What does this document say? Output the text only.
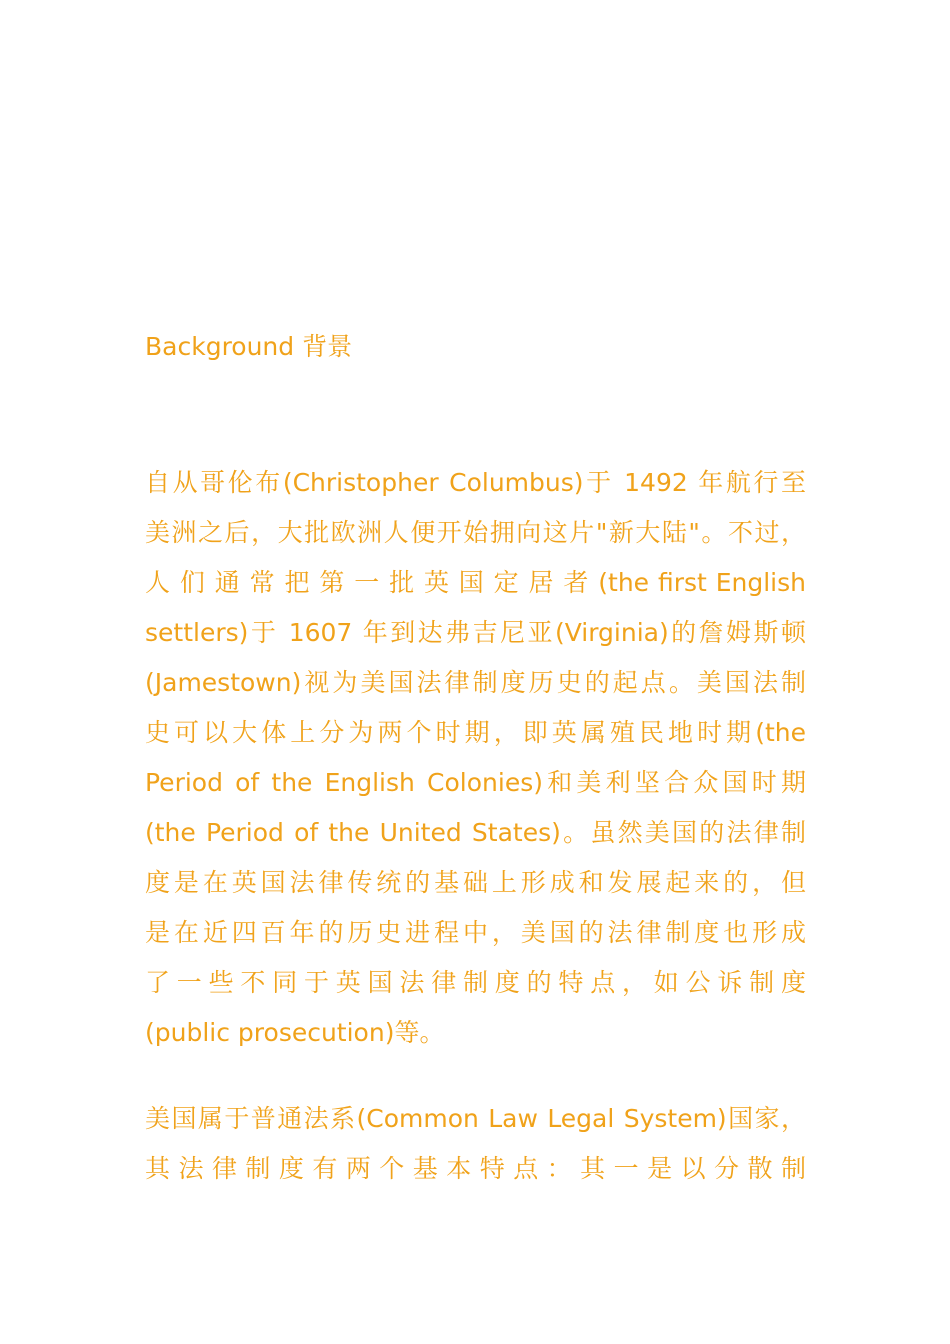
Background 背景
自从哥伦布(Christopher Columbus)于 1492 年航行至
美洲之后，大批欧洲人便开始拥向这片"新大陆"。不过，
人 们 通 常 把 第 一 批 英 国 定 居 者 (the first English
settlers)于 1607 年到达弗吉尼亚(Virginia)的詹姆斯顿
(Jamestown)视为美国法律制度历史的起点。美国法制
史可以大体上分为两个时期，即英属殖民地时期(the
Period of the English Colonies)和美利坚合众国时期
(the Period of the United States)。虽然美国的法律制
度是在英国法律传统的基础上形成和发展起来的，但
是在近四百年的历史进程中，美国的法律制度也形成
了一些不同于英国法律制度的特点，如公诉制度
(public prosecution)等。
美国属于普通法系(Common Law Legal System)国家，
其 法 律 制 度 有 两 个 基 本 特 点 ： 其 一 是 以 分 散 制
